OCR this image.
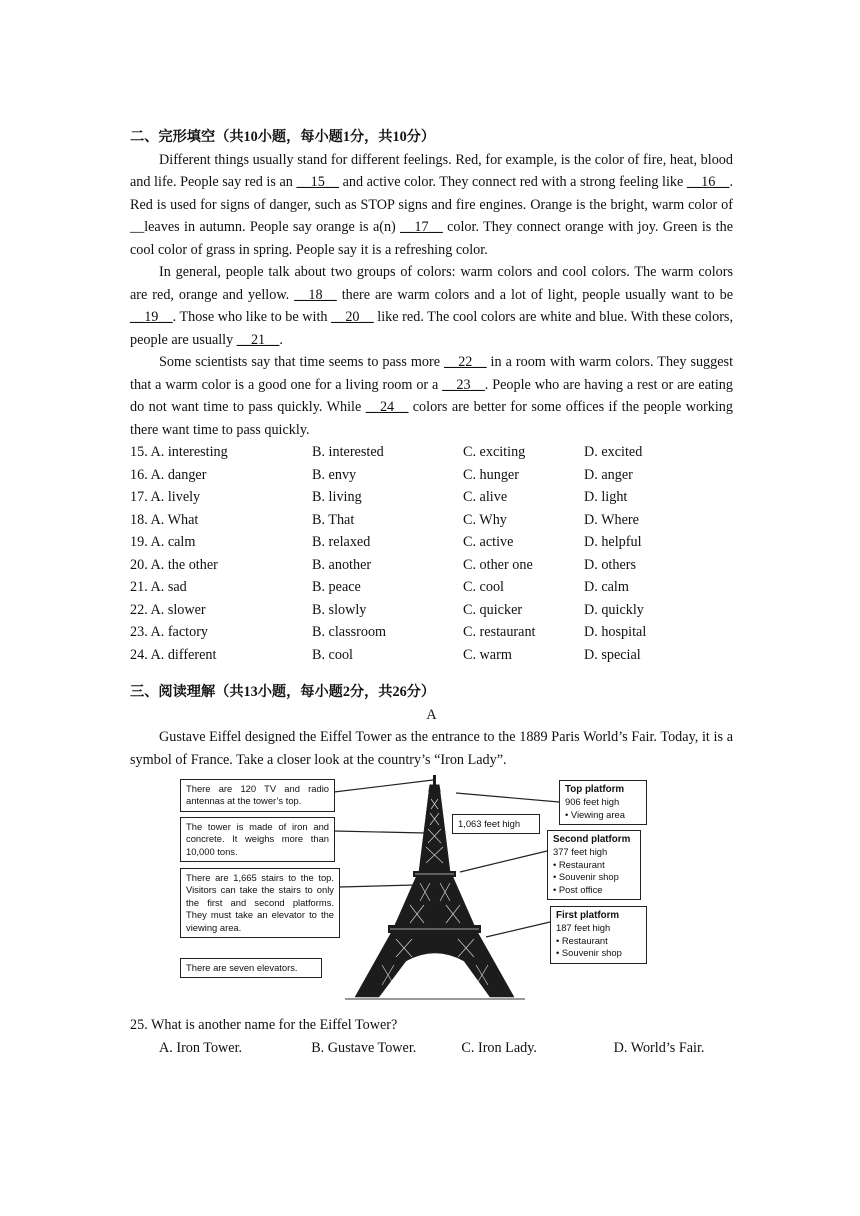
二、完形填空（共10小题，每小题1分，共10分）

Different things usually stand for different feelings. Red, for example, is the color of fire, heat, blood and life. People say red is an __15__ and active color. They connect red with a strong feeling like __16__. Red is used for signs of danger, such as STOP signs and fire engines. Orange is the bright, warm color of __leaves in autumn. People say orange is a(n) __17__ color. They connect orange with joy. Green is the cool color of grass in spring. People say it is a refreshing color.

In general, people talk about two groups of colors: warm colors and cool colors. The warm colors are red, orange and yellow. __18__ there are warm colors and a lot of light, people usually want to be __19__. Those who like to be with __20__ like red. The cool colors are white and blue. With these colors, people are usually __21__.

Some scientists say that time seems to pass more __22__ in a room with warm colors. They suggest that a warm color is a good one for a living room or a __23__. People who are having a rest or are eating do not want time to pass quickly. While __24__ colors are better for some offices if the people working there want time to pass quickly.

15. A. interesting	B. interested	C. exciting	D. excited
16. A. danger	B. envy	C. hunger	D. anger
17. A. lively	B. living	C. alive	D. light
18. A. What	B. That	C. Why	D. Where
19. A. calm	B. relaxed	C. active	D. helpful
20. A. the other	B. another	C. other one	D. others
21. A. sad	B. peace	C. cool	D. calm
22. A. slower	B. slowly	C. quicker	D. quickly
23. A. factory	B. classroom	C. restaurant	D. hospital
24. A. different	B. cool	C. warm	D. special
三、阅读理解（共13小题，每小题2分，共26分）
A

Gustave Eiffel designed the Eiffel Tower as the entrance to the 1889 Paris World’s Fair. Today, it is a symbol of France. Take a closer look at the country’s “Iron Lady”.

There are 120 TV and radio antennas at the tower’s top.
The tower is made of iron and concrete. It weighs more than 10,000 tons.
There are 1,665 stairs to the top. Visitors can take the stairs to only the first and second platforms. They must take an elevator to the viewing area.
There are seven elevators.
1,063 feet high
Top platform
906 feet high
• Viewing area
Second platform
377 feet high
• Restaurant
• Souvenir shop
• Post office
First platform
187 feet high
• Restaurant
• Souvenir shop

25. What is another name for the Eiffel Tower?

A. Iron Tower.	B. Gustave Tower.	C. Iron Lady.	D. World’s Fair.
